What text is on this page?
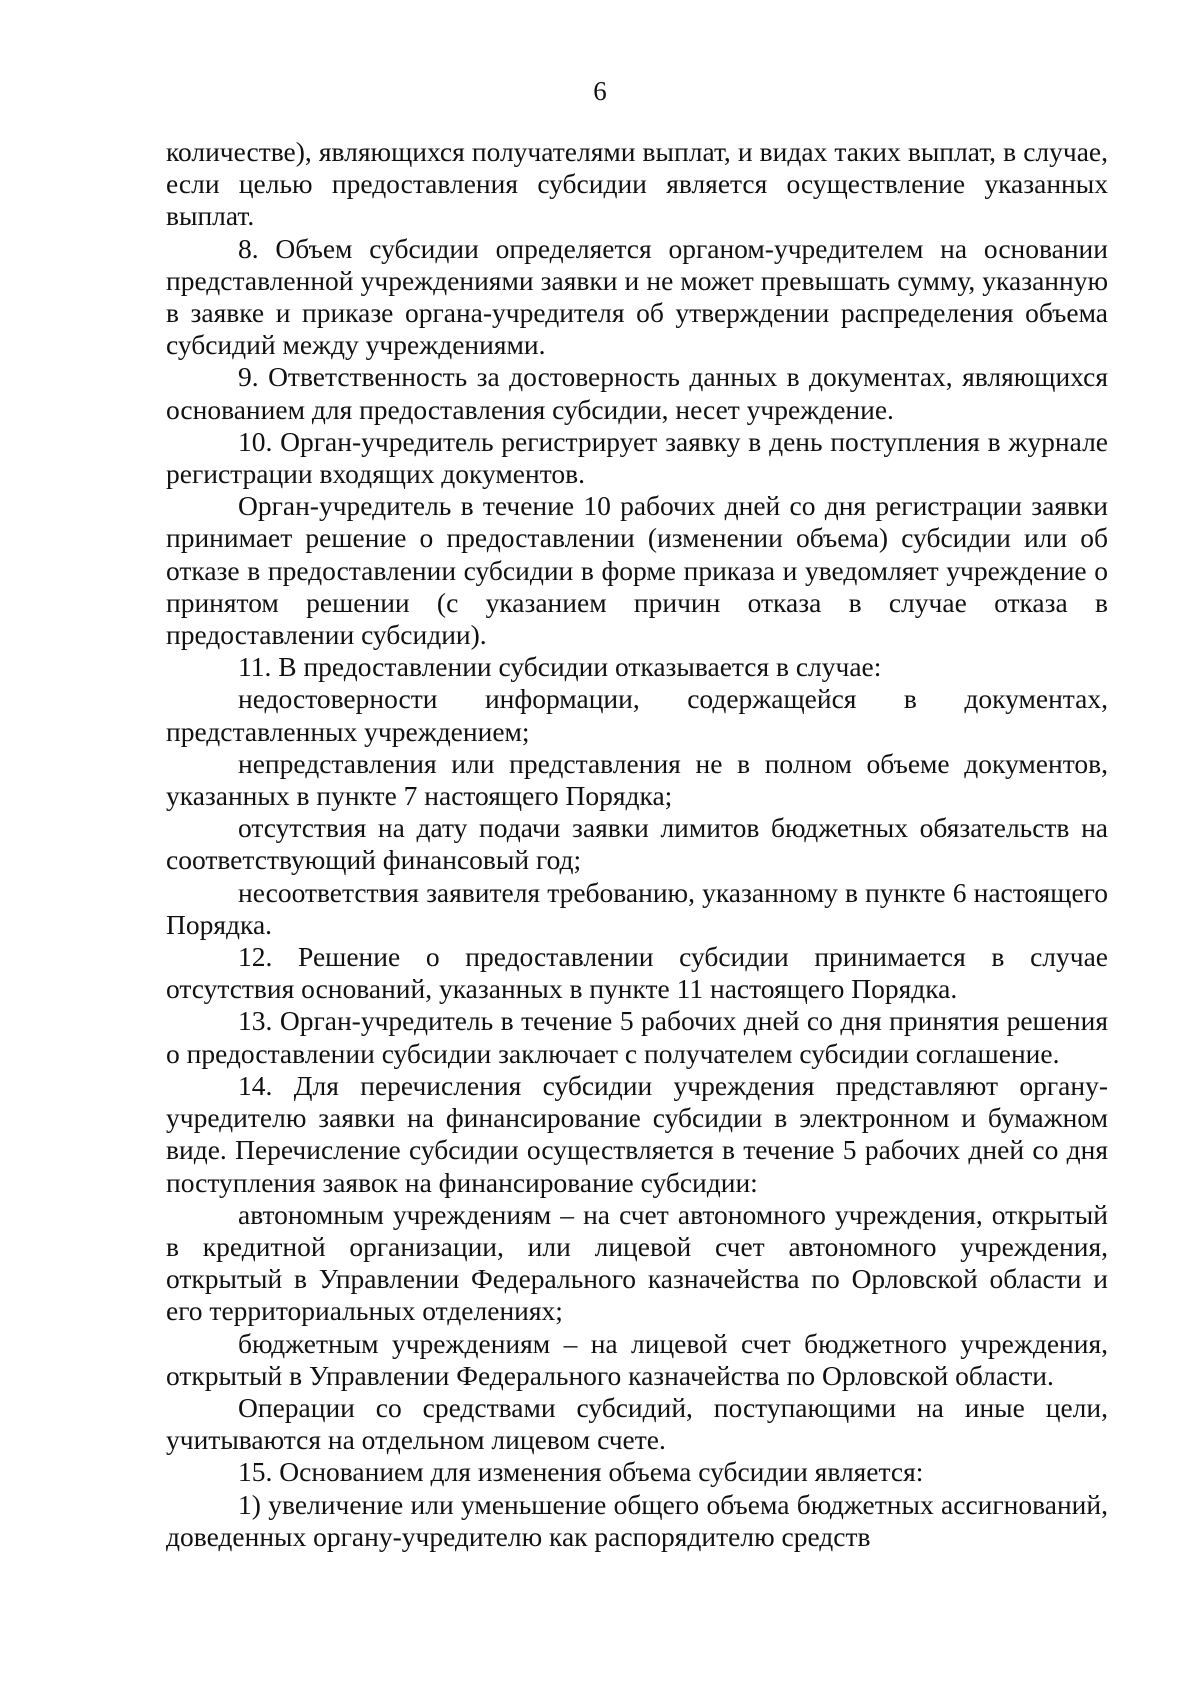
6

количестве), являющихся получателями выплат, и видах таких выплат, в случае, если целью предоставления субсидии является осуществление указанных выплат.

8. Объем субсидии определяется органом-учредителем на основании представленной учреждениями заявки и не может превышать сумму, указанную в заявке и приказе органа-учредителя об утверждении распределения объема субсидий между учреждениями.

9. Ответственность за достоверность данных в документах, являющихся основанием для предоставления субсидии, несет учреждение.

10. Орган-учредитель регистрирует заявку в день поступления в журнале регистрации входящих документов.

Орган-учредитель в течение 10 рабочих дней со дня регистрации заявки принимает решение о предоставлении (изменении объема) субсидии или об отказе в предоставлении субсидии в форме приказа и уведомляет учреждение о принятом решении (с указанием причин отказа в случае отказа в предоставлении субсидии).

11. В предоставлении субсидии отказывается в случае:

недостоверности информации, содержащейся в документах, представленных учреждением;

непредставления или представления не в полном объеме документов, указанных в пункте 7 настоящего Порядка;

отсутствия на дату подачи заявки лимитов бюджетных обязательств на соответствующий финансовый год;

несоответствия заявителя требованию, указанному в пункте 6 настоящего Порядка.

12. Решение о предоставлении субсидии принимается в случае отсутствия оснований, указанных в пункте 11 настоящего Порядка.

13. Орган-учредитель в течение 5 рабочих дней со дня принятия решения о предоставлении субсидии заключает с получателем субсидии соглашение.

14. Для перечисления субсидии учреждения представляют органу-учредителю заявки на финансирование субсидии в электронном и бумажном виде. Перечисление субсидии осуществляется в течение 5 рабочих дней со дня поступления заявок на финансирование субсидии:

автономным учреждениям – на счет автономного учреждения, открытый в кредитной организации, или лицевой счет автономного учреждения, открытый в Управлении Федерального казначейства по Орловской области и его территориальных отделениях;

бюджетным учреждениям – на лицевой счет бюджетного учреждения, открытый в Управлении Федерального казначейства по Орловской области.

Операции со средствами субсидий, поступающими на иные цели, учитываются на отдельном лицевом счете.

15. Основанием для изменения объема субсидии является:

1) увеличение или уменьшение общего объема бюджетных ассигнований, доведенных органу-учредителю как распорядителю средств
